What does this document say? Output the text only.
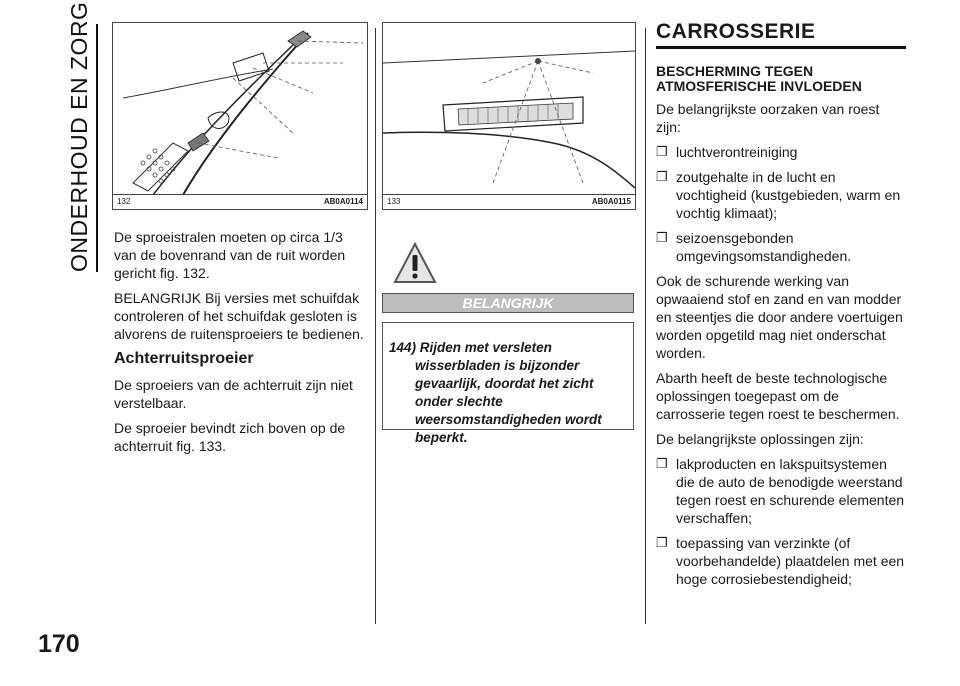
ONDERHOUD EN ZORG
170
132	AB0A0114	133	AB0A0115

De sproeistralen moeten op circa 1/3 van de bovenrand van de ruit worden gericht fig. 132.

BELANGRIJK Bij versies met schuifdak controleren of het schuifdak gesloten is alvorens de ruitensproeiers te bedienen.

Achterruitsproeier

De sproeiers van de achterruit zijn niet verstelbaar.

De sproeier bevindt zich boven op de achterruit fig. 133.

BELANGRIJK
144) Rijden met versleten
wisserbladen is bijzonder gevaarlijk, doordat het zicht onder slechte weersomstandigheden wordt beperkt.
CARROSSERIE
BESCHERMING TEGEN ATMOSFERISCHE INVLOEDEN

De belangrijkste oorzaken van roest zijn:

❐ luchtverontreiniging
❐ zoutgehalte in de lucht en vochtigheid (kustgebieden, warm en vochtig klimaat);
❐ seizoensgebonden omgevingsomstandigheden.

Ook de schurende werking van opwaaiend stof en zand en van modder en steentjes die door andere voertuigen worden opgetild mag niet onderschat worden.

Abarth heeft de beste technologische oplossingen toegepast om de carrosserie tegen roest te beschermen.

De belangrijkste oplossingen zijn:

❐ lakproducten en lakspuitsystemen die de auto de benodigde weerstand tegen roest en schurende elementen verschaffen;
❐ toepassing van verzinkte (of voorbehandelde) plaatdelen met een hoge corrosiebestendigheid;
